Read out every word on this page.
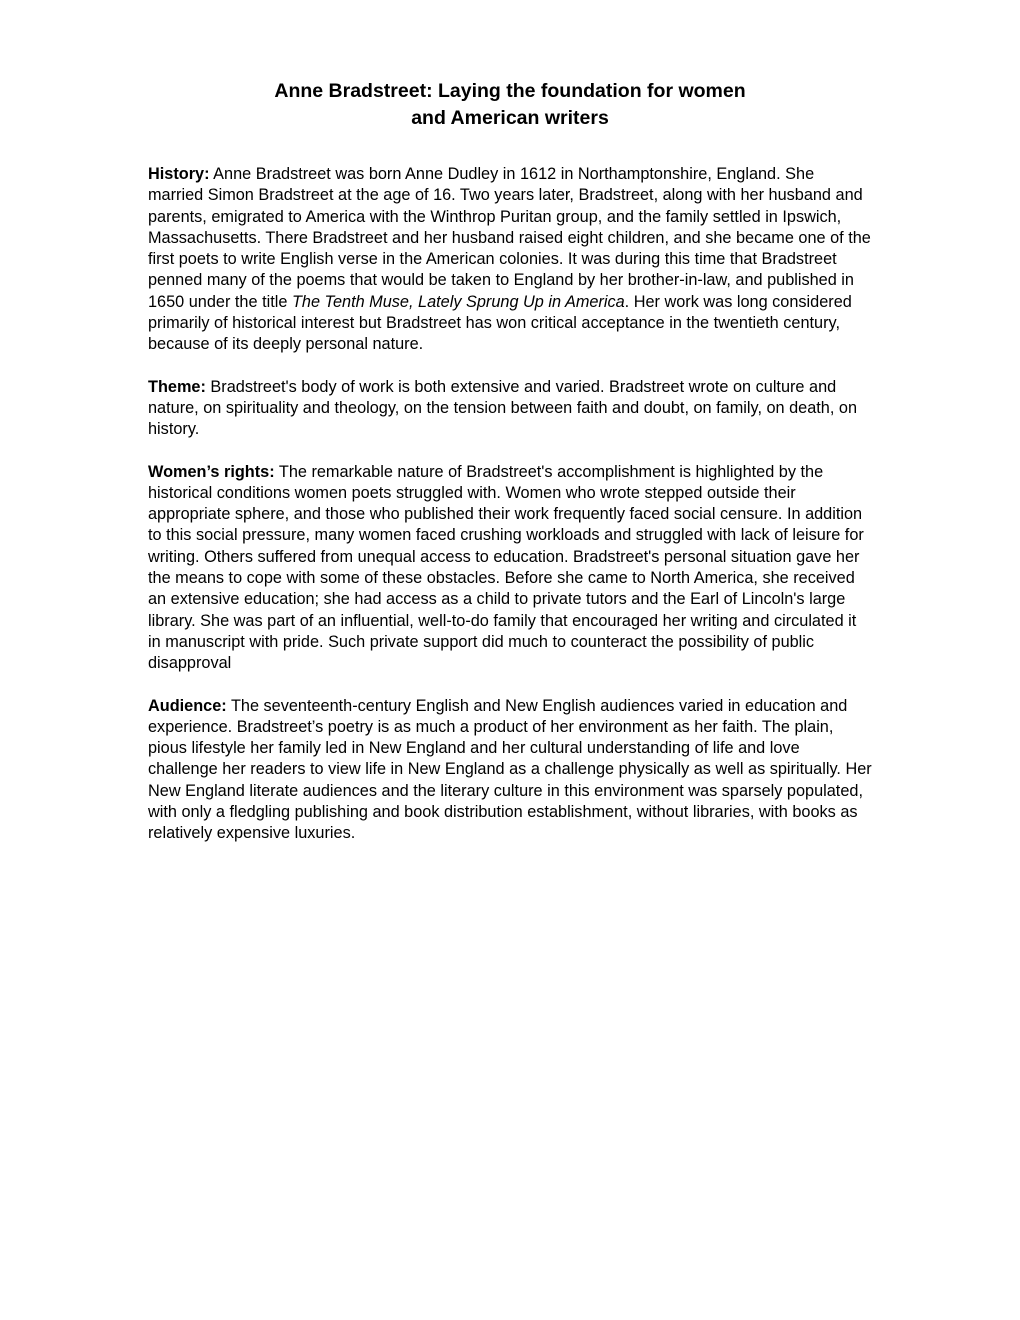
Anne Bradstreet: Laying the foundation for women
and American writers

History: Anne Bradstreet was born Anne Dudley in 1612 in Northamptonshire, England. She married Simon Bradstreet at the age of 16. Two years later, Bradstreet, along with her husband and parents, emigrated to America with the Winthrop Puritan group, and the family settled in Ipswich, Massachusetts. There Bradstreet and her husband raised eight children, and she became one of the first poets to write English verse in the American colonies. It was during this time that Bradstreet penned many of the poems that would be taken to England by her brother-in-law, and published in 1650 under the title The Tenth Muse, Lately Sprung Up in America. Her work was long considered primarily of historical interest but Bradstreet has won critical acceptance in the twentieth century, because of its deeply personal nature.

Theme: Bradstreet's body of work is both extensive and varied. Bradstreet wrote on culture and nature, on spirituality and theology, on the tension between faith and doubt, on family, on death, on history.

Women’s rights: The remarkable nature of Bradstreet's accomplishment is highlighted by the historical conditions women poets struggled with. Women who wrote stepped outside their appropriate sphere, and those who published their work frequently faced social censure. In addition to this social pressure, many women faced crushing workloads and struggled with lack of leisure for writing. Others suffered from unequal access to education. Bradstreet's personal situation gave her the means to cope with some of these obstacles. Before she came to North America, she received an extensive education; she had access as a child to private tutors and the Earl of Lincoln's large library. She was part of an influential, well-to-do family that encouraged her writing and circulated it in manuscript with pride. Such private support did much to counteract the possibility of public disapproval

Audience: The seventeenth-century English and New English audiences varied in education and experience. Bradstreet’s poetry is as much a product of her environment as her faith. The plain, pious lifestyle her family led in New England and her cultural understanding of life and love challenge her readers to view life in New England as a challenge physically as well as spiritually. Her New England literate audiences and the literary culture in this environment was sparsely populated, with only a fledgling publishing and book distribution establishment, without libraries, with books as relatively expensive luxuries.
